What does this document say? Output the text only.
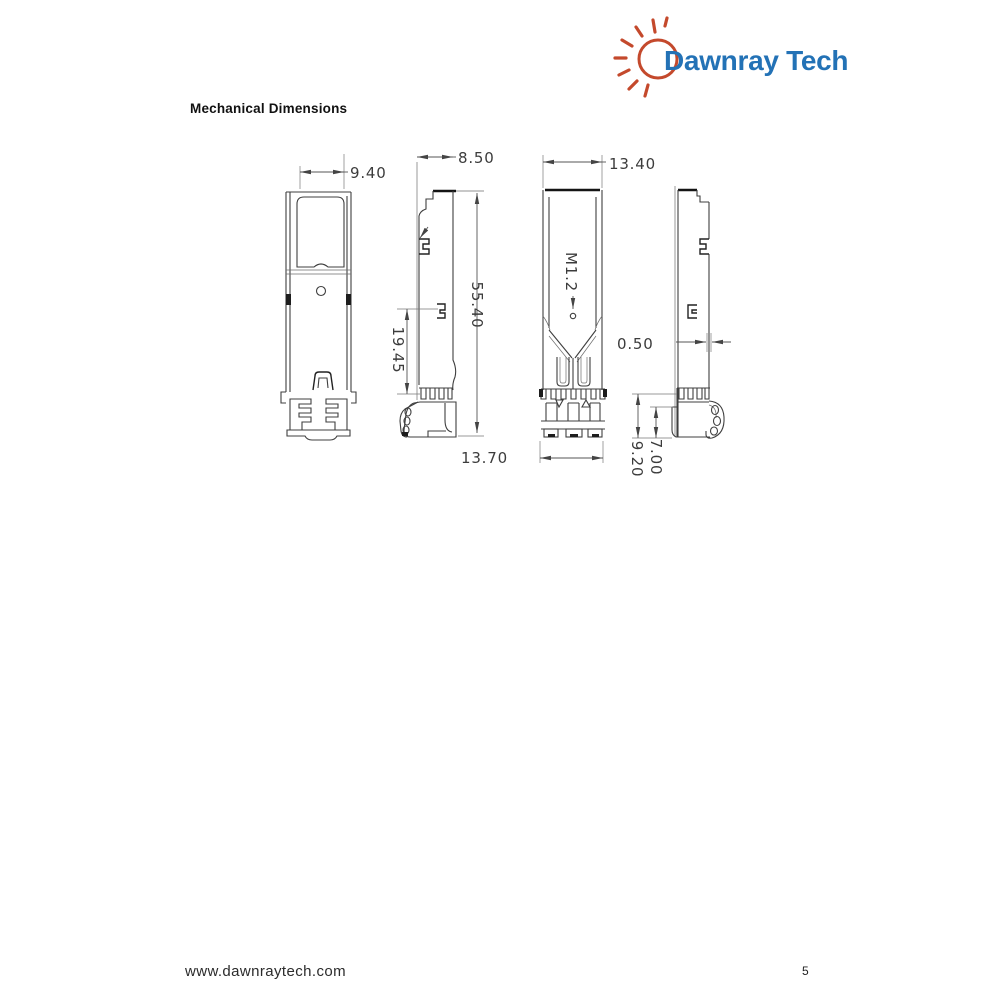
Dawnray Tech
Mechanical Dimensions
9.40
8.50
55.40
19.45
13.70
M1.2
13.40
0.50
9.20 7.00
www.dawnraytech.com	5
